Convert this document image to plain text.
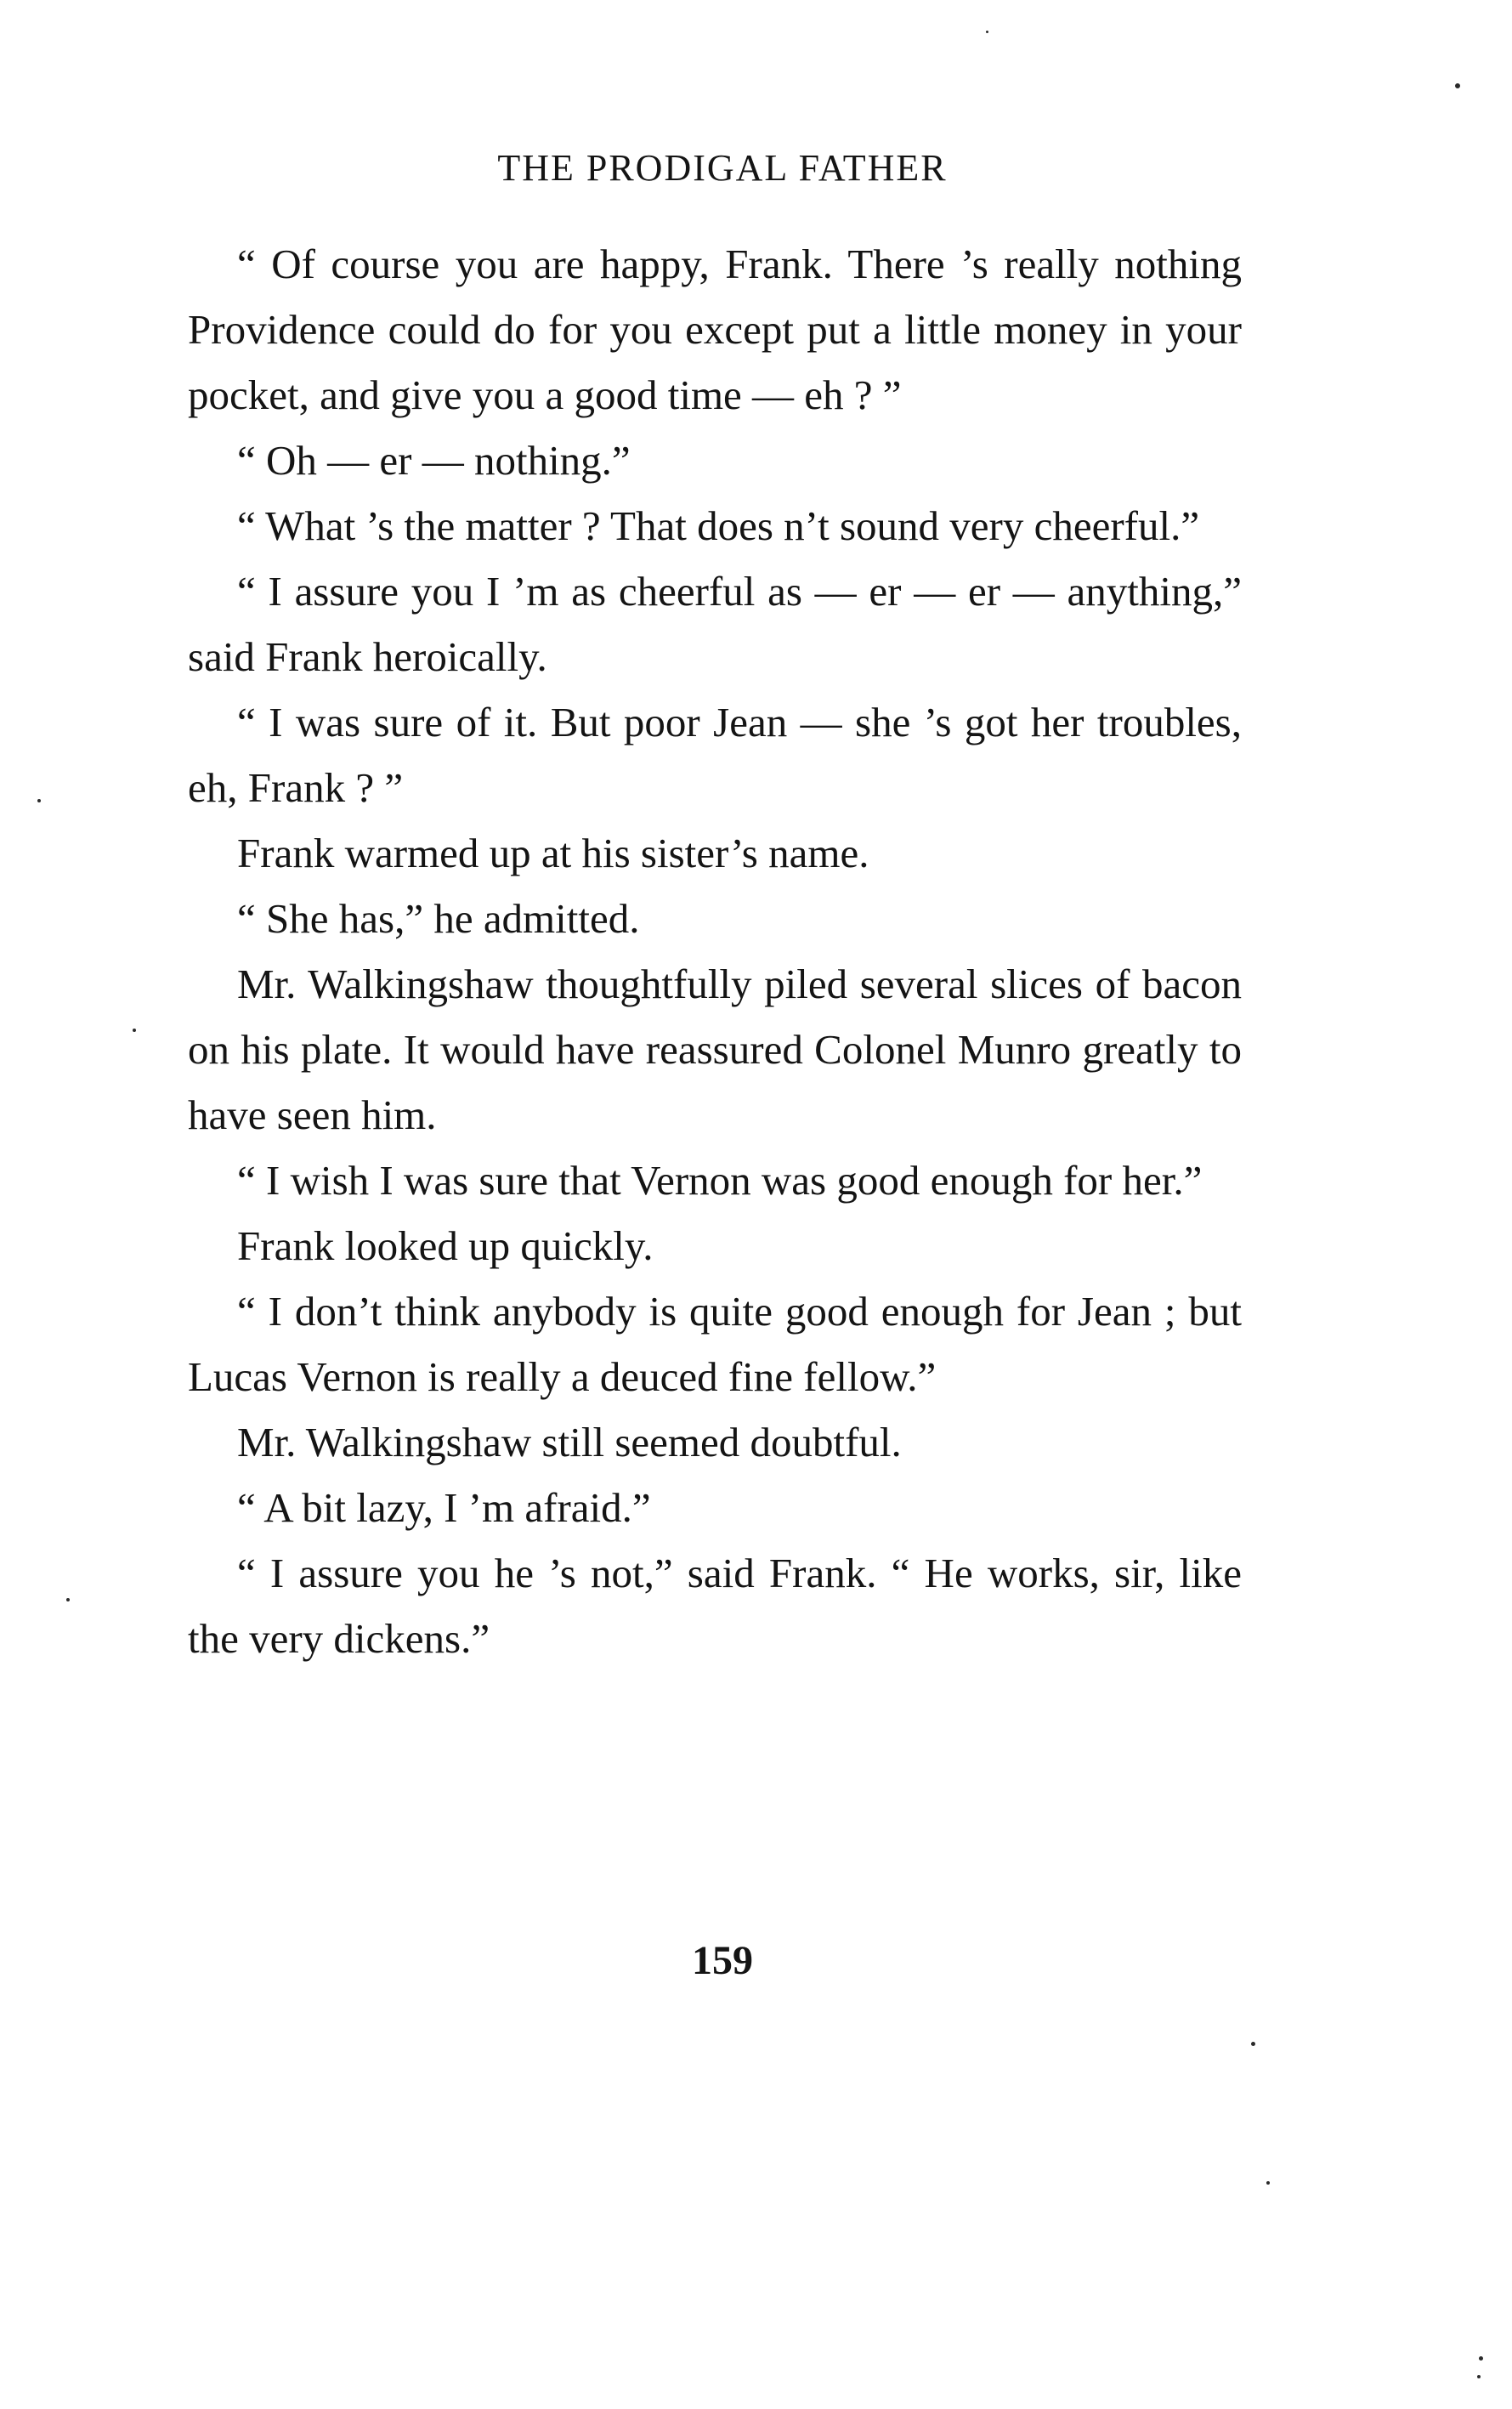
THE PRODIGAL FATHER

“ Of course you are happy, Frank. There ’s really nothing Providence could do for you except put a little money in your pocket, and give you a good time — eh ? ”

“ Oh — er — nothing.”

“ What ’s the matter ? That does n’t sound very cheerful.”

“ I assure you I ’m as cheerful as — er — er — anything,” said Frank heroically.

“ I was sure of it. But poor Jean — she ’s got her troubles, eh, Frank ? ”

Frank warmed up at his sister’s name.

“ She has,” he admitted.

Mr. Walkingshaw thoughtfully piled several slices of bacon on his plate. It would have reassured Colonel Munro greatly to have seen him.

“ I wish I was sure that Vernon was good enough for her.”

Frank looked up quickly.

“ I don’t think anybody is quite good enough for Jean ; but Lucas Vernon is really a deuced fine fellow.”

Mr. Walkingshaw still seemed doubtful.

“ A bit lazy, I ’m afraid.”

“ I assure you he ’s not,” said Frank. “ He works, sir, like the very dickens.”

159
